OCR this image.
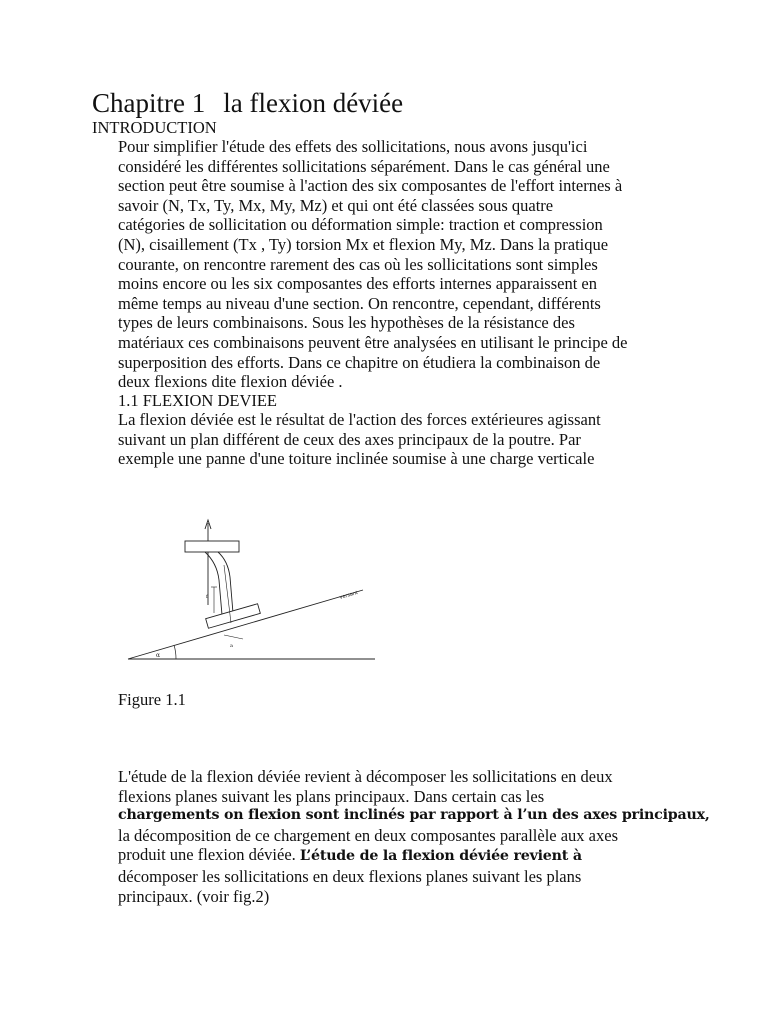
Chapitre 1 la flexion déviée
INTRODUCTION

Pour simplifier l'étude des effets des sollicitations, nous avons jusqu'ici
considéré les différentes sollicitations séparément. Dans le cas général une
section peut être soumise à l'action des six composantes de l'effort internes à
savoir (N, Tx, Ty, Mx, My, Mz) et qui ont été classées sous quatre
catégories de sollicitation ou déformation simple: traction et compression
(N), cisaillement (Tx , Ty) torsion Mx et flexion My, Mz. Dans la pratique
courante, on rencontre rarement des cas où les sollicitations sont simples
moins encore ou les six composantes des efforts internes apparaissent en
même temps au niveau d'une section. On rencontre, cependant, différents
types de leurs combinaisons. Sous les hypothèses de la résistance des
matériaux ces combinaisons peuvent être analysées en utilisant le principe de
superposition des efforts. Dans ce chapitre on étudiera la combinaison de
deux flexions dite flexion déviée .

1.1 FLEXION DEVIEE

La flexion déviée est le résultat de l'action des forces extérieures agissant
suivant un plan différent de ceux des axes principaux de la poutre. Par
exemple une panne d'une toiture inclinée soumise à une charge verticale

α
versant
f
a
Figure 1.1

L'étude de la flexion déviée revient à décomposer les sollicitations en deux
flexions planes suivant les plans principaux. Dans certain cas les
chargements on flexion sont inclinés par rapport à l’un des axes principaux,
la décomposition de ce chargement en deux composantes parallèle aux axes
produit une flexion déviée. L’étude de la flexion déviée revient à
décomposer les sollicitations en deux flexions planes suivant les plans
principaux. (voir fig.2)
